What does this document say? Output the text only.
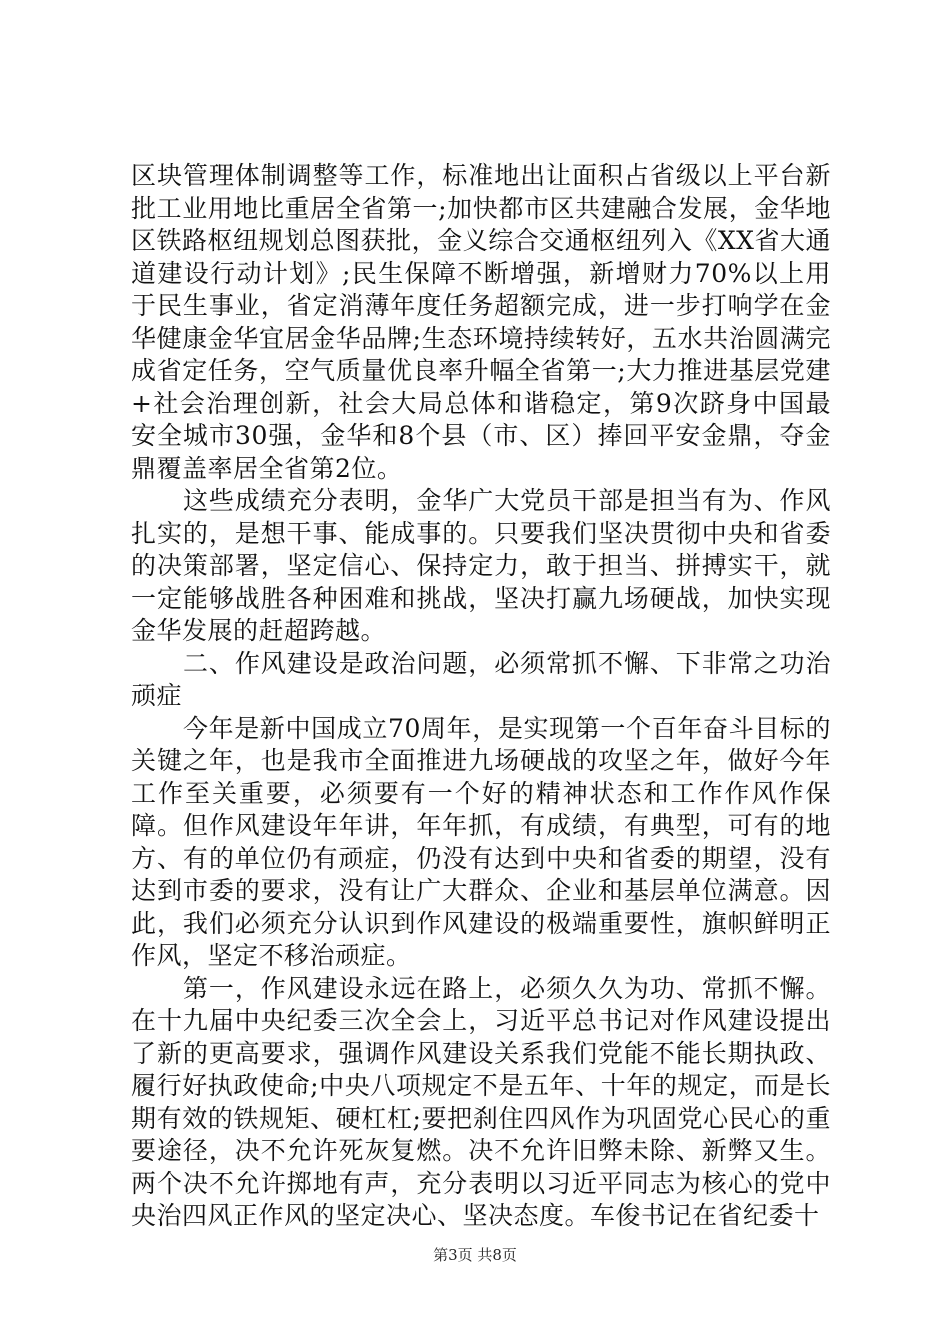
区块管理体制调整等工作，标准地出让面积占省级以上平台新批工业用地比重居全省第一;加快都市区共建融合发展，金华地区铁路枢纽规划总图获批，金义综合交通枢纽列入《XX省大通道建设行动计划》;民生保障不断增强，新增财力70%以上用于民生事业，省定消薄年度任务超额完成，进一步打响学在金华健康金华宜居金华品牌;生态环境持续转好，五水共治圆满完成省定任务，空气质量优良率升幅全省第一;大力推进基层党建+社会治理创新，社会大局总体和谐稳定，第9次跻身中国最安全城市30强，金华和8个县（市、区）捧回平安金鼎，夺金鼎覆盖率居全省第2位。

这些成绩充分表明，金华广大党员干部是担当有为、作风扎实的，是想干事、能成事的。只要我们坚决贯彻中央和省委的决策部署，坚定信心、保持定力，敢于担当、拼搏实干，就一定能够战胜各种困难和挑战，坚决打赢九场硬战，加快实现金华发展的赶超跨越。

二、作风建设是政治问题，必须常抓不懈、下非常之功治顽症

今年是新中国成立70周年，是实现第一个百年奋斗目标的关键之年，也是我市全面推进九场硬战的攻坚之年，做好今年工作至关重要，必须要有一个好的精神状态和工作作风作保障。但作风建设年年讲，年年抓，有成绩，有典型，可有的地方、有的单位仍有顽症，仍没有达到中央和省委的期望，没有达到市委的要求，没有让广大群众、企业和基层单位满意。因此，我们必须充分认识到作风建设的极端重要性，旗帜鲜明正作风，坚定不移治顽症。

第一，作风建设永远在路上，必须久久为功、常抓不懈。在十九届中央纪委三次全会上，习近平总书记对作风建设提出了新的更高要求，强调作风建设关系我们党能不能长期执政、履行好执政使命;中央八项规定不是五年、十年的规定，而是长期有效的铁规矩、硬杠杠;要把刹住四风作为巩固党心民心的重要途径，决不允许死灰复燃。决不允许旧弊未除、新弊又生。两个决不允许掷地有声，充分表明以习近平同志为核心的党中央治四风正作风的坚定决心、坚决态度。车俊书记在省纪委十

第3页 共8页
